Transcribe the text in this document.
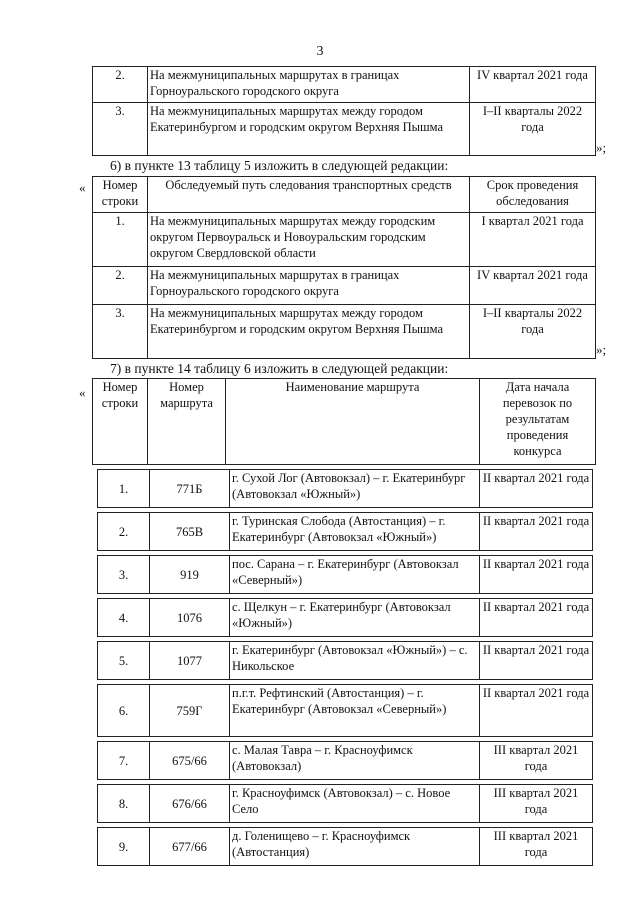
3
2.	На межмуниципальных маршрутах в границах Горноуральского городского округа	IV квартал 2021 года
3.	На межмуниципальных маршрутах между городом Екатеринбургом и городским округом Верхняя Пышма	I–II кварталы 2022 года
»;
6) в пункте 13 таблицу 5 изложить в следующей редакции:
« Номер строки	Обследуемый путь следования транспортных средств	Срок проведения обследования
1.	На межмуниципальных маршрутах между городским округом Первоуральск и Новоуральским городским округом Свердловской области	I квартал 2021 года
2.	На межмуниципальных маршрутах в границах Горноуральского городского округа	IV квартал 2021 года
3.	На межмуниципальных маршрутах между городом Екатеринбургом и городским округом Верхняя Пышма	I–II кварталы 2022 года
»;
7) в пункте 14 таблицу 6 изложить в следующей редакции:
« Номер строки	Номер маршрута	Наименование маршрута	Дата начала перевозок по результатам проведения конкурса
1.	771Б	г. Сухой Лог (Автовокзал) – г. Екатеринбург (Автовокзал «Южный»)	II квартал 2021 года

2.	765В	г. Туринская Слобода (Автостанция) – г. Екатеринбург (Автовокзал «Южный»)	II квартал 2021 года

3.	919	пос. Сарана – г. Екатеринбург (Автовокзал «Северный»)	II квартал 2021 года

4.	1076	с. Щелкун – г. Екатеринбург (Автовокзал «Южный»)	II квартал 2021 года

5.	1077	г. Екатеринбург (Автовокзал «Южный») – с. Никольское	II квартал 2021 года

6.	759Г	п.г.т. Рефтинский (Автостанция) – г. Екатеринбург (Автовокзал «Северный»)	II квартал 2021 года

7.	675/66	с. Малая Тавра – г. Красноуфимск (Автовокзал)	III квартал 2021 года

8.	676/66	г. Красноуфимск (Автовокзал) – с. Новое Село	III квартал 2021 года

9.	677/66	д. Голенищево – г. Красноуфимск (Автостанция)	III квартал 2021 года
